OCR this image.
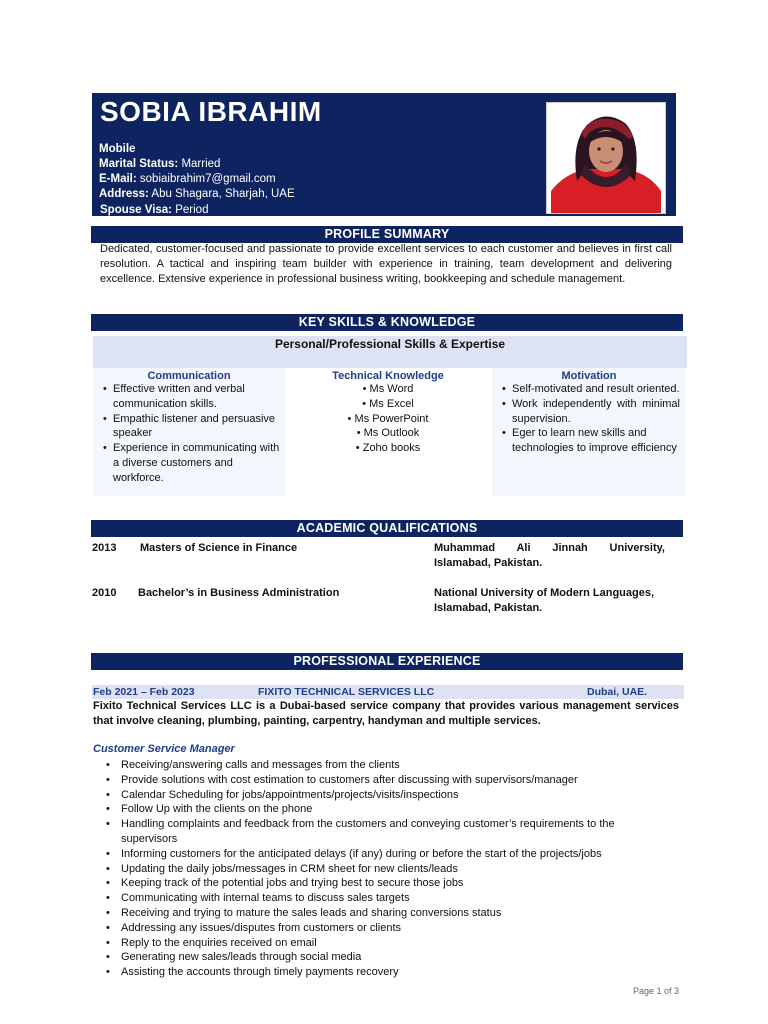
SOBIA IBRAHIM
Mobile
Marital Status: Married
E-Mail: sobiaibrahim7@gmail.com
Address: Abu Shagara, Sharjah, UAE
Spouse Visa: Period
PROFILE SUMMARY
Dedicated, customer-focused and passionate to provide excellent services to each customer and believes in first call resolution. A tactical and inspiring team builder with experience in training, team development and delivering excellence. Extensive experience in professional business writing, bookkeeping and schedule management.
KEY SKILLS & KNOWLEDGE
Personal/Professional Skills & Expertise
Communication
• Effective written and verbal communication skills.
• Empathic listener and persuasive speaker
• Experience in communicating with a diverse customers and workforce.
Technical Knowledge
• Ms Word
• Ms Excel
• Ms PowerPoint
• Ms Outlook
• Zoho books
Motivation
• Self-motivated and result oriented.
• Work independently with minimal supervision.
• Eger to learn new skills and technologies to improve efficiency
ACADEMIC QUALIFICATIONS
2013 Masters of Science in Finance	Muhammad Ali Jinnah University, Islamabad, Pakistan.
2010 Bachelor’s in Business Administration	National University of Modern Languages, Islamabad, Pakistan.
PROFESSIONAL EXPERIENCE
Feb 2021 – Feb 2023	FIXITO TECHNICAL SERVICES LLC	Dubai, UAE.
Fixito Technical Services LLC is a Dubai-based service company that provides various management services that involve cleaning, plumbing, painting, carpentry, handyman and multiple services.
Customer Service Manager
• Receiving/answering calls and messages from the clients
• Provide solutions with cost estimation to customers after discussing with supervisors/manager
• Calendar Scheduling for jobs/appointments/projects/visits/inspections
• Follow Up with the clients on the phone
• Handling complaints and feedback from the customers and conveying customer’s requirements to the supervisors
• Informing customers for the anticipated delays (if any) during or before the start of the projects/jobs
• Updating the daily jobs/messages in CRM sheet for new clients/leads
• Keeping track of the potential jobs and trying best to secure those jobs
• Communicating with internal teams to discuss sales targets
• Receiving and trying to mature the sales leads and sharing conversions status
• Addressing any issues/disputes from customers or clients
• Reply to the enquiries received on email
• Generating new sales/leads through social media
• Assisting the accounts through timely payments recovery
Page 1 of 3
